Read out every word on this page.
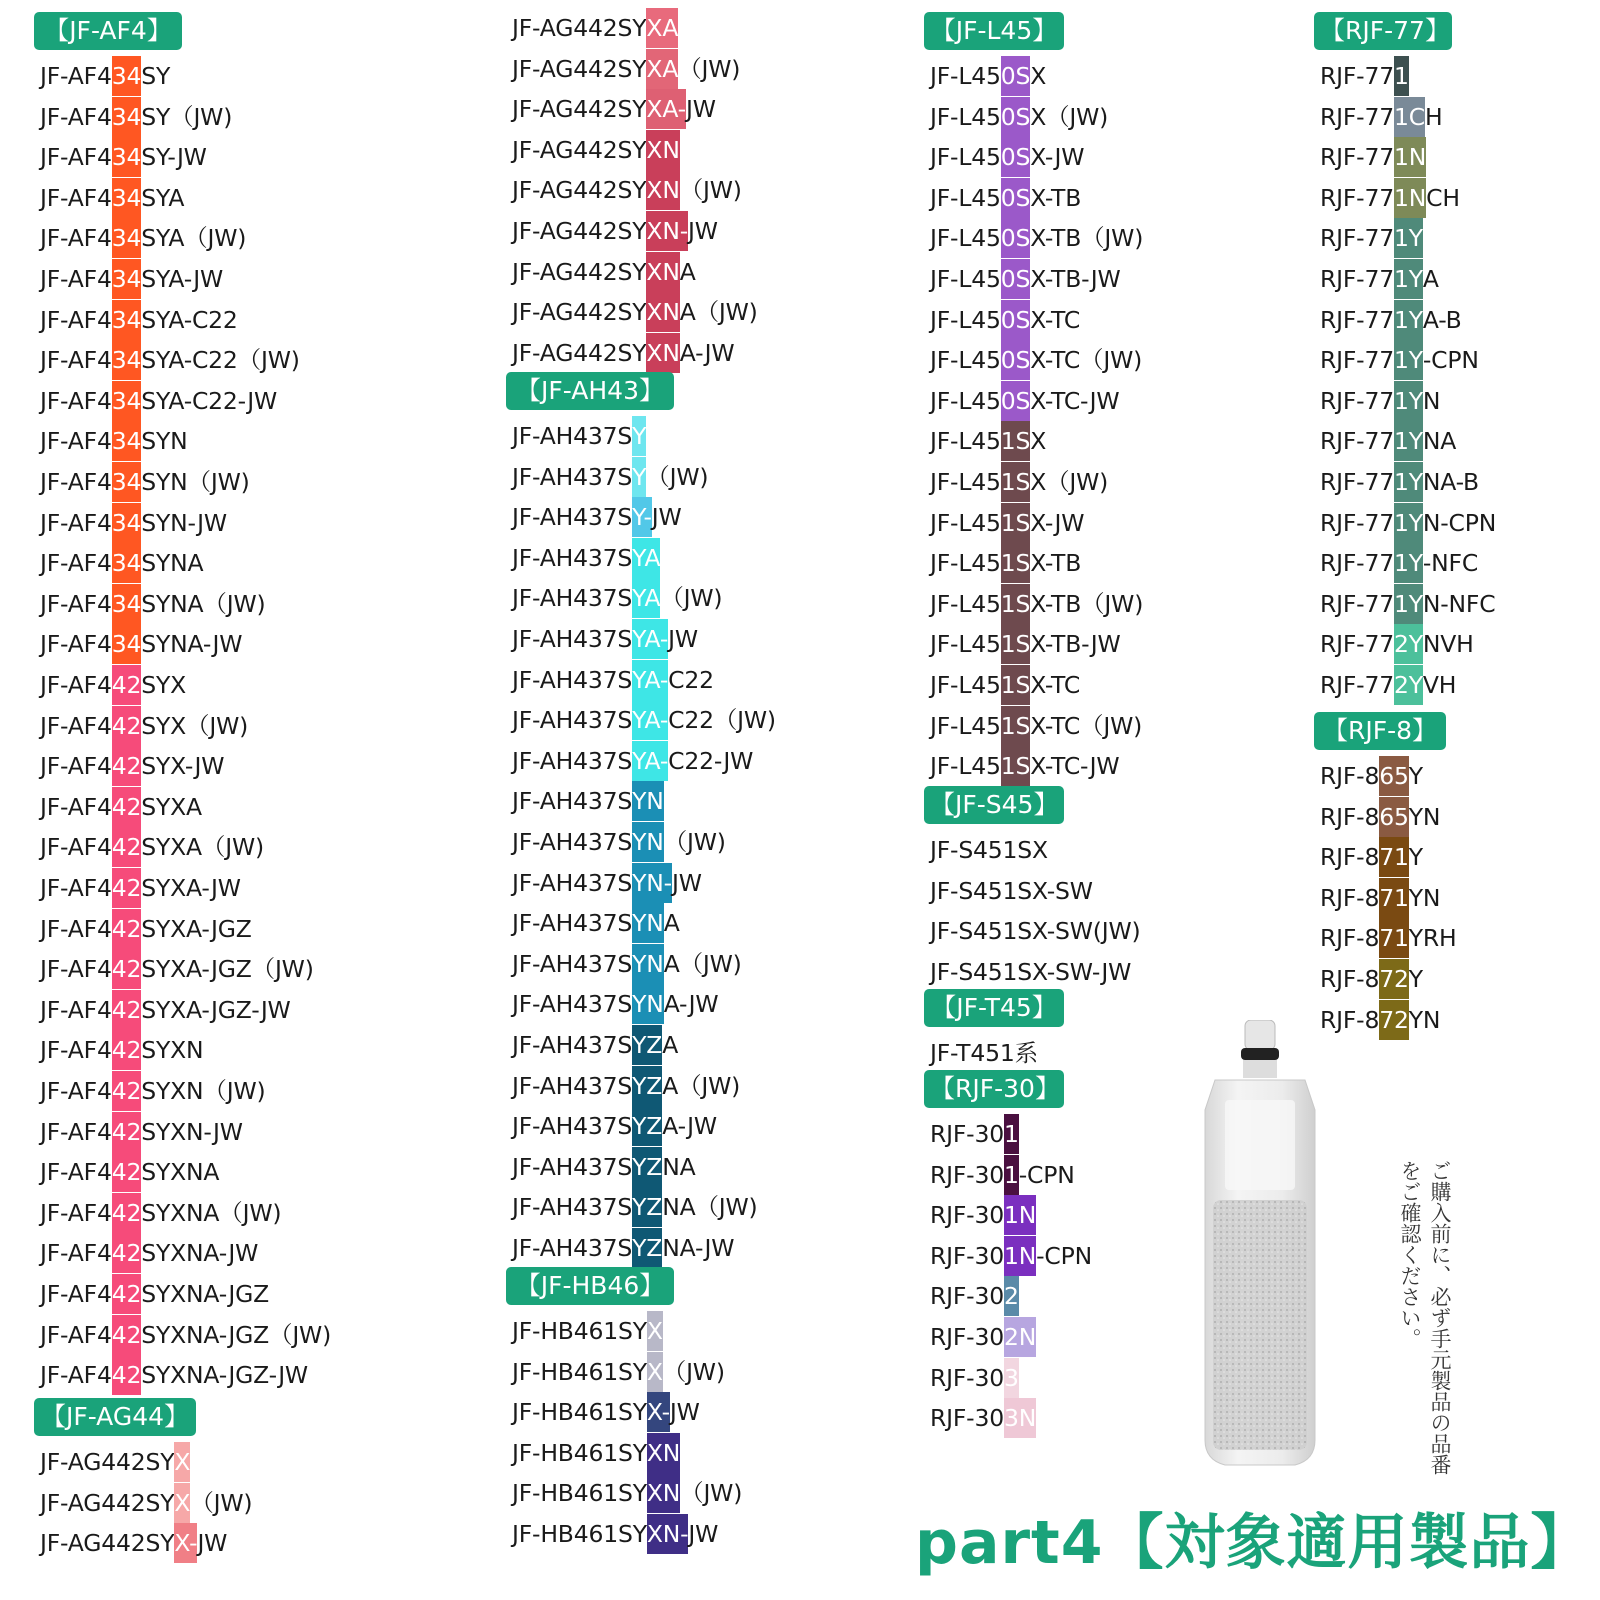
【JF-AF4】
JF-AF434SY
JF-AF434SY（JW)
JF-AF434SY-JW
JF-AF434SYA
JF-AF434SYA（JW)
JF-AF434SYA-JW
JF-AF434SYA-C22
JF-AF434SYA-C22（JW)
JF-AF434SYA-C22-JW
JF-AF434SYN
JF-AF434SYN（JW)
JF-AF434SYN-JW
JF-AF434SYNA
JF-AF434SYNA（JW)
JF-AF434SYNA-JW
JF-AF442SYX
JF-AF442SYX（JW)
JF-AF442SYX-JW
JF-AF442SYXA
JF-AF442SYXA（JW)
JF-AF442SYXA-JW
JF-AF442SYXA-JGZ
JF-AF442SYXA-JGZ（JW)
JF-AF442SYXA-JGZ-JW
JF-AF442SYXN
JF-AF442SYXN（JW)
JF-AF442SYXN-JW
JF-AF442SYXNA
JF-AF442SYXNA（JW)
JF-AF442SYXNA-JW
JF-AF442SYXNA-JGZ
JF-AF442SYXNA-JGZ（JW)
JF-AF442SYXNA-JGZ-JW
【JF-AG44】
JF-AG442SYX
JF-AG442SYX（JW)
JF-AG442SYX-JW
JF-AG442SYXA
JF-AG442SYXA（JW)
JF-AG442SYXA-JW
JF-AG442SYXN
JF-AG442SYXN（JW)
JF-AG442SYXN-JW
JF-AG442SYXNA
JF-AG442SYXNA（JW)
JF-AG442SYXNA-JW
【JF-AH43】
JF-AH437SY
JF-AH437SY（JW)
JF-AH437SY-JW
JF-AH437SYA
JF-AH437SYA（JW)
JF-AH437SYA-JW
JF-AH437SYA-C22
JF-AH437SYA-C22（JW)
JF-AH437SYA-C22-JW
JF-AH437SYN
JF-AH437SYN（JW)
JF-AH437SYN-JW
JF-AH437SYNA
JF-AH437SYNA（JW)
JF-AH437SYNA-JW
JF-AH437SYZA
JF-AH437SYZA（JW)
JF-AH437SYZA-JW
JF-AH437SYZNA
JF-AH437SYZNA（JW)
JF-AH437SYZNA-JW
【JF-HB46】
JF-HB461SYX
JF-HB461SYX（JW)
JF-HB461SYX-JW
JF-HB461SYXN
JF-HB461SYXN（JW)
JF-HB461SYXN-JW
【JF-L45】
JF-L450SX
JF-L450SX（JW)
JF-L450SX-JW
JF-L450SX-TB
JF-L450SX-TB（JW)
JF-L450SX-TB-JW
JF-L450SX-TC
JF-L450SX-TC（JW)
JF-L450SX-TC-JW
JF-L451SX
JF-L451SX（JW)
JF-L451SX-JW
JF-L451SX-TB
JF-L451SX-TB（JW)
JF-L451SX-TB-JW
JF-L451SX-TC
JF-L451SX-TC（JW)
JF-L451SX-TC-JW
【JF-S45】
JF-S451SX
JF-S451SX-SW
JF-S451SX-SW(JW)
JF-S451SX-SW-JW
【JF-T45】
JF-T451系
【RJF-30】
RJF-301
RJF-301-CPN
RJF-301N
RJF-301N-CPN
RJF-302
RJF-302N
RJF-303
RJF-303N
【RJF-77】
RJF-771
RJF-771CH
RJF-771N
RJF-771NCH
RJF-771Y
RJF-771YA
RJF-771YA-B
RJF-771Y-CPN
RJF-771YN
RJF-771YNA
RJF-771YNA-B
RJF-771YN-CPN
RJF-771Y-NFC
RJF-771YN-NFC
RJF-772YNVH
RJF-772YVH
【RJF-8】
RJF-865Y
RJF-865YN
RJF-871Y
RJF-871YN
RJF-871YRH
RJF-872Y
RJF-872YN
ご購入前に、必ず手元製品の品番をご確認ください。
part4【対象適用製品】
